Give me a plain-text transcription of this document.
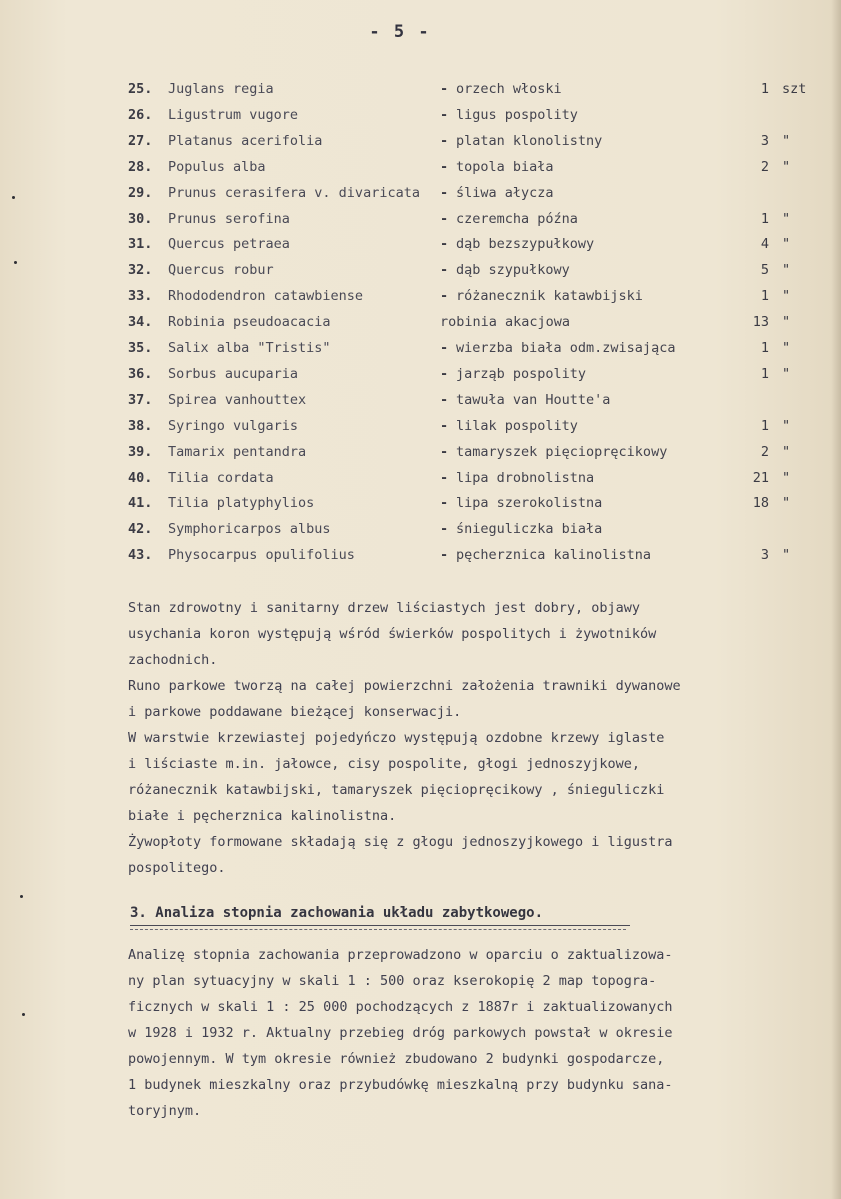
- 5 -
25. Juglans regia	- orzech włoski	1 szt
26. Ligustrum vugore	- ligus pospolity
27. Platanus acerifolia	- platan klonolistny	3 "
28. Populus alba	- topola biała	2 "
29. Prunus cerasifera v. divaricata - śliwa ałycza
30. Prunus serofina	- czeremcha późna	1 "
31. Quercus petraea	- dąb bezszypułkowy	4 "
32. Quercus robur	- dąb szypułkowy	5 "
33. Rhododendron catawbiense	- różanecznik katawbijski	1 "
34. Robinia pseudoacacia	robinia akacjowa	13 "
35. Salix alba "Tristis"	- wierzba biała odm.zwisająca	1 "
36. Sorbus aucuparia	- jarząb pospolity	1 "
37. Spirea vanhouttex	- tawuła van Houtte'a
38. Syringo vulgaris	- lilak pospolity	1 "
39. Tamarix pentandra	- tamaryszek pięciopręcikowy	2 "
40. Tilia cordata	- lipa drobnolistna	21 "
41. Tilia platyphylios	- lipa szerokolistna	18 "
42. Symphoricarpos albus	- śnieguliczka biała
43. Physocarpus opulifolius	- pęcherznica kalinolistna	3 "
Stan zdrowotny i sanitarny drzew liściastych jest dobry, objawy
usychania koron występują wśród świerków pospolitych i żywotników
zachodnich.
Runo parkowe tworzą na całej powierzchni założenia trawniki dywanowe
i parkowe poddawane bieżącej konserwacji.
W warstwie krzewiastej pojedyńczo występują ozdobne krzewy iglaste
i liściaste m.in. jałowce, cisy pospolite, głogi jednoszyjkowe,
różanecznik katawbijski, tamaryszek pięciopręcikowy , śnieguliczki
białe i pęcherznica kalinolistna.
Żywopłoty formowane składają się z głogu jednoszyjkowego i ligustra
pospolitego.
3. Analiza stopnia zachowania układu zabytkowego.
Analizę stopnia zachowania przeprowadzono w oparciu o zaktualizowa-
ny plan sytuacyjny w skali 1 : 500 oraz kserokopię 2 map topogra-
ficznych w skali 1 : 25 000 pochodzących z 1887r i zaktualizowanych
w 1928 i 1932 r. Aktualny przebieg dróg parkowych powstał w okresie
powojennym. W tym okresie również zbudowano 2 budynki gospodarcze,
1 budynek mieszkalny oraz przybudówkę mieszkalną przy budynku sana-
toryjnym.
